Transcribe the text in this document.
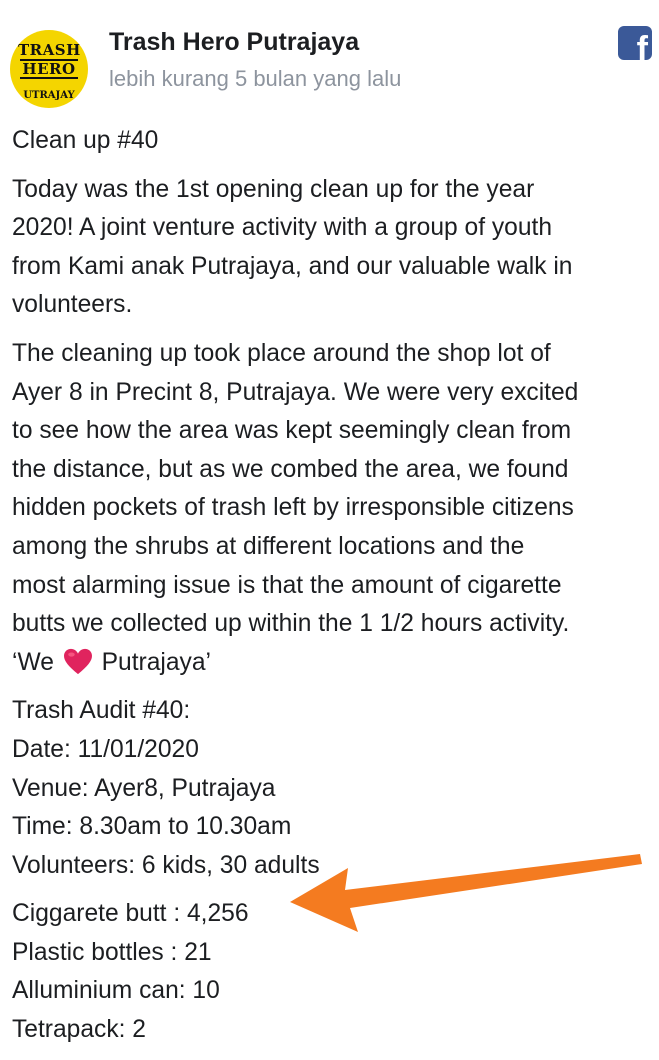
TRASH
HERO
UTRAJAY
Trash Hero Putrajaya
lebih kurang 5 bulan yang lalu
f

Clean up #40

Today was the 1st opening clean up for the year
2020! A joint venture activity with a group of youth
from Kami anak Putrajaya, and our valuable walk in
volunteers.

The cleaning up took place around the shop lot of
Ayer 8 in Precint 8, Putrajaya. We were very excited
to see how the area was kept seemingly clean from
the distance, but as we combed the area, we found
hidden pockets of trash left by irresponsible citizens
among the shrubs at different locations and the
most alarming issue is that the amount of cigarette
butts we collected up within the 1 1/2 hours activity.
‘We Putrajaya’

Trash Audit #40:
Date: 11/01/2020
Venue: Ayer8, Putrajaya
Time: 8.30am to 10.30am
Volunteers: 6 kids, 30 adults

Ciggarete butt : 4,256
Plastic bottles : 21
Alluminium can: 10
Tetrapack: 2
